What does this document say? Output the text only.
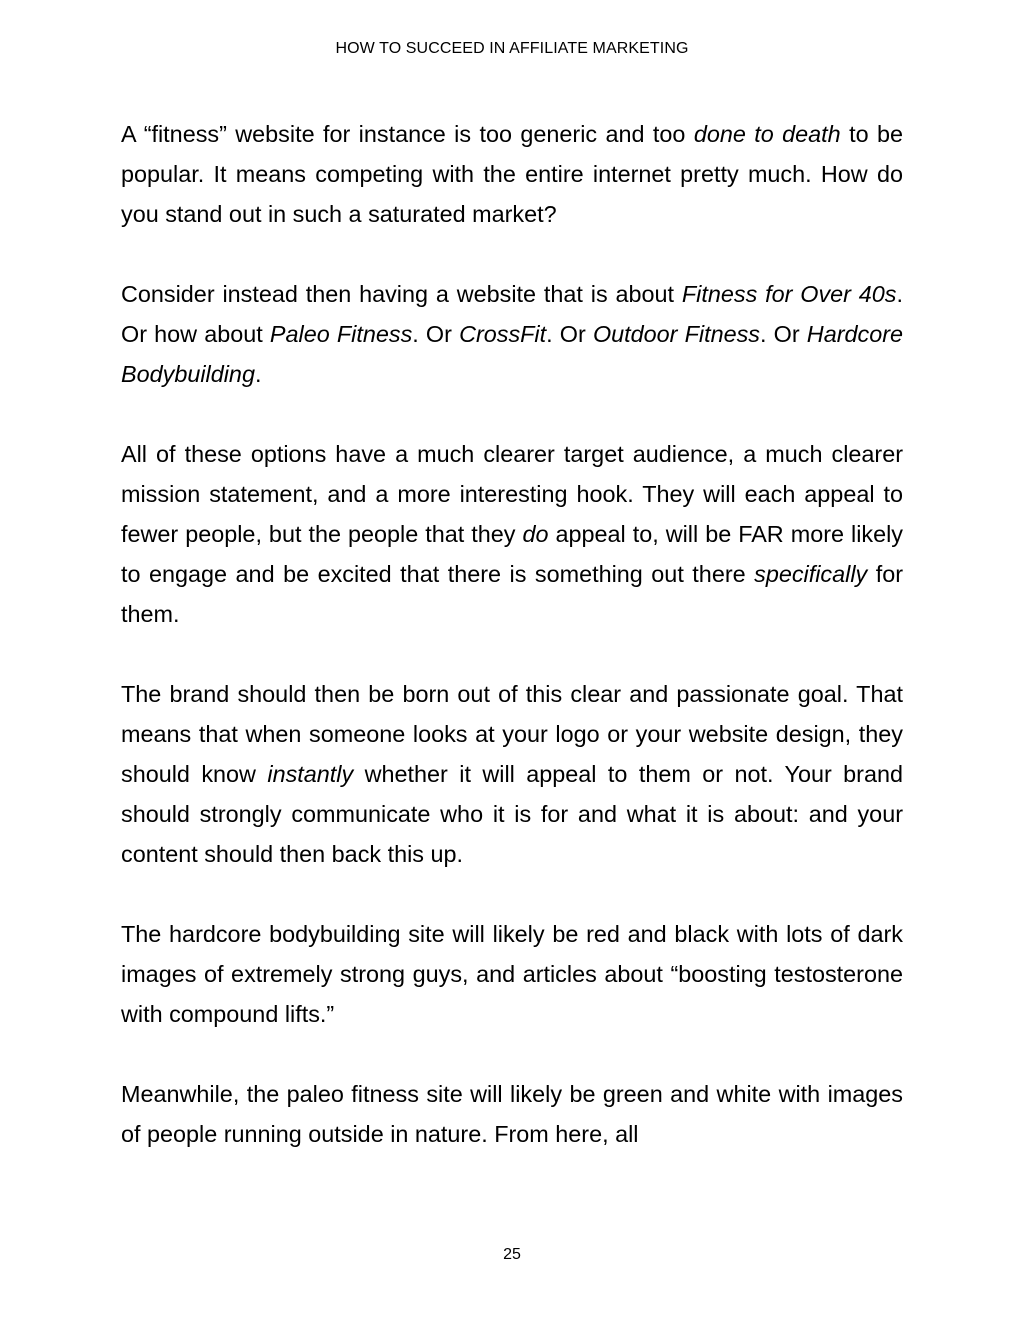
HOW TO SUCCEED IN AFFILIATE MARKETING

A “fitness” website for instance is too generic and too done to death to be popular. It means competing with the entire internet pretty much. How do you stand out in such a saturated market?

Consider instead then having a website that is about Fitness for Over 40s. Or how about Paleo Fitness. Or CrossFit. Or Outdoor Fitness. Or Hardcore Bodybuilding.

All of these options have a much clearer target audience, a much clearer mission statement, and a more interesting hook. They will each appeal to fewer people, but the people that they do appeal to, will be FAR more likely to engage and be excited that there is something out there specifically for them.

The brand should then be born out of this clear and passionate goal. That means that when someone looks at your logo or your website design, they should know instantly whether it will appeal to them or not. Your brand should strongly communicate who it is for and what it is about: and your content should then back this up.

The hardcore bodybuilding site will likely be red and black with lots of dark images of extremely strong guys, and articles about “boosting testosterone with compound lifts.”

Meanwhile, the paleo fitness site will likely be green and white with images of people running outside in nature. From here, all

25
